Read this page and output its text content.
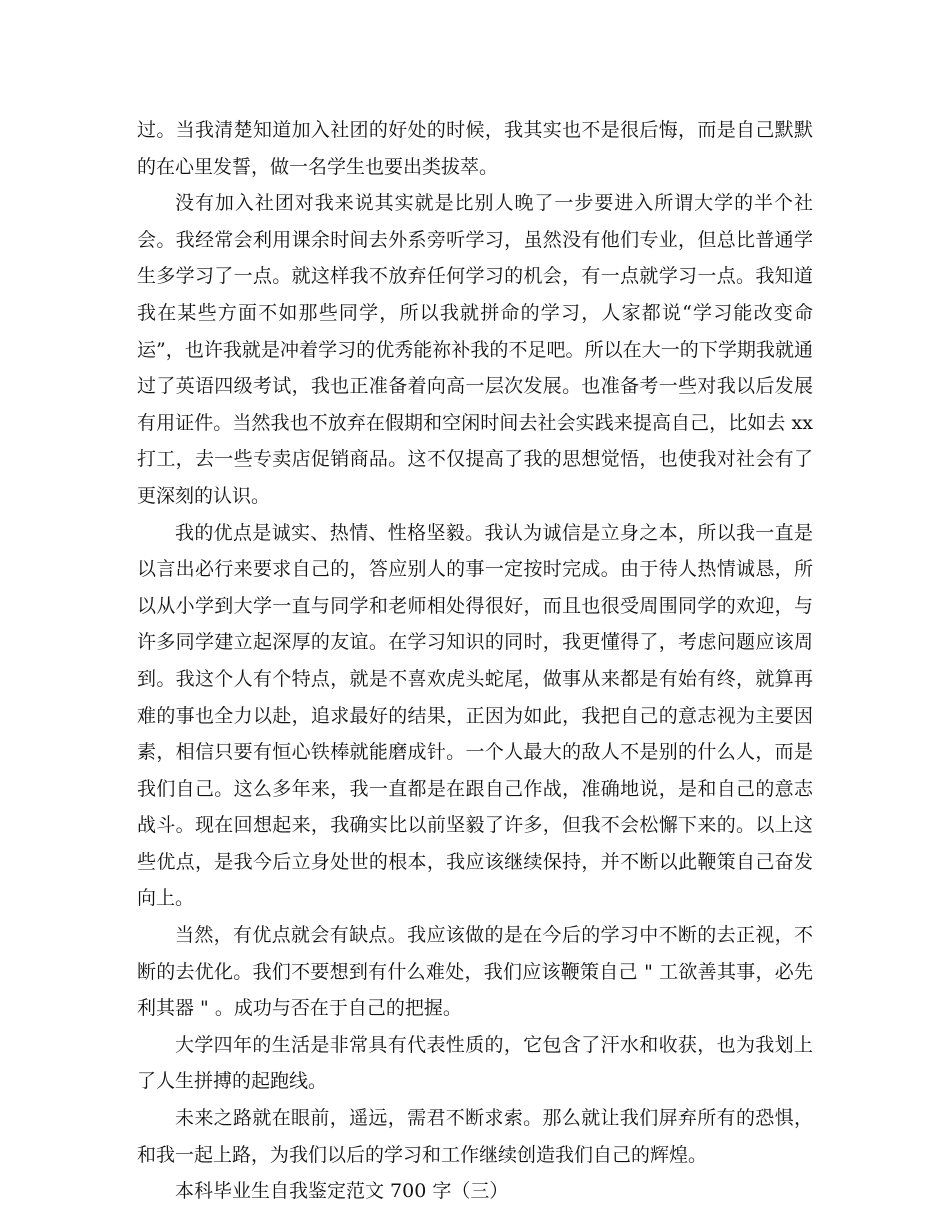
过。当我清楚知道加入社团的好处的时候，我其实也不是很后悔，而是自己默默的在心里发誓，做一名学生也要出类拔萃。

没有加入社团对我来说其实就是比别人晚了一步要进入所谓大学的半个社会。我经常会利用课余时间去外系旁听学习，虽然没有他们专业，但总比普通学生多学习了一点。就这样我不放弃任何学习的机会，有一点就学习一点。我知道我在某些方面不如那些同学，所以我就拼命的学习，人家都说“学习能改变命运”，也许我就是冲着学习的优秀能祢补我的不足吧。所以在大一的下学期我就通过了英语四级考试，我也正准备着向高一层次发展。也准备考一些对我以后发展有用证件。当然我也不放弃在假期和空闲时间去社会实践来提高自己，比如去 xx 打工，去一些专卖店促销商品。这不仅提高了我的思想觉悟，也使我对社会有了更深刻的认识。

我的优点是诚实、热情、性格坚毅。我认为诚信是立身之本，所以我一直是以言出必行来要求自己的，答应别人的事一定按时完成。由于待人热情诚恳，所以从小学到大学一直与同学和老师相处得很好，而且也很受周围同学的欢迎，与许多同学建立起深厚的友谊。在学习知识的同时，我更懂得了，考虑问题应该周到。我这个人有个特点，就是不喜欢虎头蛇尾，做事从来都是有始有终，就算再难的事也全力以赴，追求最好的结果，正因为如此，我把自己的意志视为主要因素，相信只要有恒心铁棒就能磨成针。一个人最大的敌人不是别的什么人，而是我们自己。这么多年来，我一直都是在跟自己作战，准确地说，是和自己的意志战斗。现在回想起来，我确实比以前坚毅了许多，但我不会松懈下来的。以上这些优点，是我今后立身处世的根本，我应该继续保持，并不断以此鞭策自己奋发向上。

当然，有优点就会有缺点。我应该做的是在今后的学习中不断的去正视，不断的去优化。我们不要想到有什么难处，我们应该鞭策自己 " 工欲善其事，必先利其器 " 。成功与否在于自己的把握。

大学四年的生活是非常具有代表性质的，它包含了汗水和收获，也为我划上了人生拼搏的起跑线。

未来之路就在眼前，遥远，需君不断求索。那么就让我们屏弃所有的恐惧，和我一起上路，为我们以后的学习和工作继续创造我们自己的辉煌。

本科毕业生自我鉴定范文 700 字（三）
